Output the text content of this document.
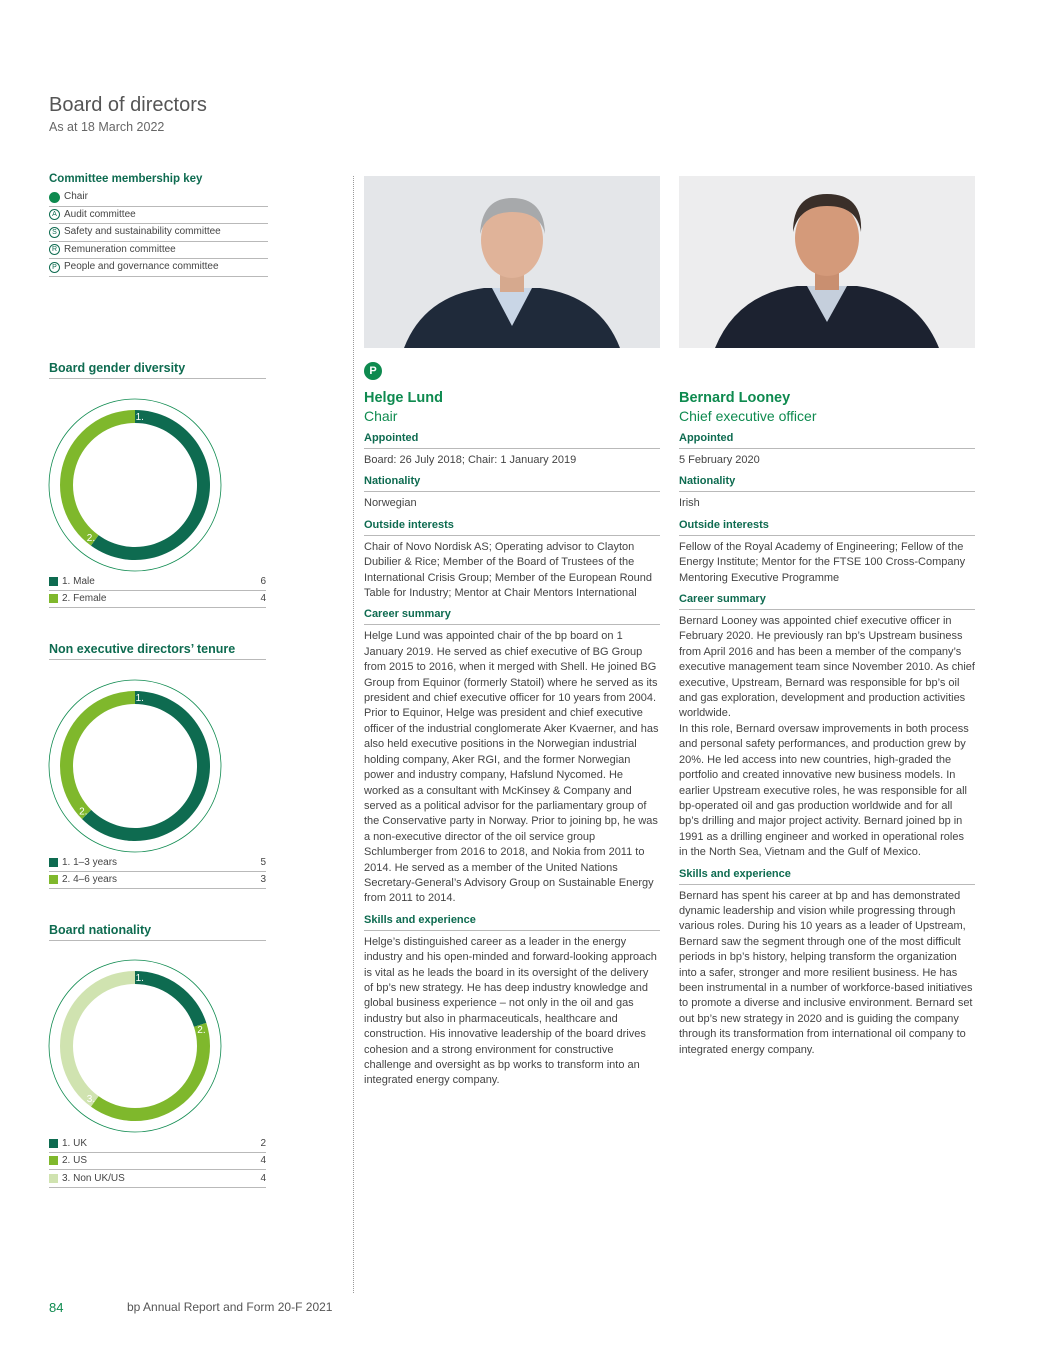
Board of directors
As at 18 March 2022
Committee membership key
Chair
A Audit committee
S Safety and sustainability committee
R Remuneration committee
P People and governance committee
Board gender diversity
1.
2.
1. Male	6
2. Female	4
Non executive directors’ tenure
1.
2.
1. 1–3 years	5
2. 4–6 years	3
Board nationality
1.
2.
3.
1. UK	2
2. US	4
3. Non UK/US	4
P
Helge Lund
Chair
Appointed
Board: 26 July 2018; Chair: 1 January 2019
Nationality
Norwegian
Outside interests
Chair of Novo Nordisk AS; Operating advisor to Clayton Dubilier & Rice; Member of the Board of Trustees of the International Crisis Group; Member of the European Round Table for Industry; Mentor at Chair Mentors International
Career summary
Helge Lund was appointed chair of the bp board on 1 January 2019. He served as chief executive of BG Group from 2015 to 2016, when it merged with Shell. He joined BG Group from Equinor (formerly Statoil) where he served as its president and chief executive officer for 10 years from 2004. Prior to Equinor, Helge was president and chief executive officer of the industrial conglomerate Aker Kvaerner, and has also held executive positions in the Norwegian industrial holding company, Aker RGI, and the former Norwegian power and industry company, Hafslund Nycomed. He worked as a consultant with McKinsey & Company and served as a political advisor for the parliamentary group of the Conservative party in Norway. Prior to joining bp, he was a non-executive director of the oil service group Schlumberger from 2016 to 2018, and Nokia from 2011 to 2014. He served as a member of the United Nations Secretary-General’s Advisory Group on Sustainable Energy from 2011 to 2014.
Skills and experience
Helge’s distinguished career as a leader in the energy industry and his open-minded and forward-looking approach is vital as he leads the board in its oversight of the delivery of bp’s new strategy. He has deep industry knowledge and global business experience – not only in the oil and gas industry but also in pharmaceuticals, healthcare and construction. His innovative leadership of the board drives cohesion and a strong environment for constructive challenge and oversight as bp works to transform into an integrated energy company.
Bernard Looney
Chief executive officer
Appointed
5 February 2020
Nationality
Irish
Outside interests
Fellow of the Royal Academy of Engineering; Fellow of the Energy Institute; Mentor for the FTSE 100 Cross-Company Mentoring Executive Programme
Career summary
Bernard Looney was appointed chief executive officer in February 2020. He previously ran bp’s Upstream business from April 2016 and has been a member of the company’s executive management team since November 2010. As chief executive, Upstream, Bernard was responsible for bp’s oil and gas exploration, development and production activities worldwide.
In this role, Bernard oversaw improvements in both process and personal safety performances, and production grew by 20%. He led access into new countries, high-graded the portfolio and created innovative new business models. In earlier Upstream executive roles, he was responsible for all bp-operated oil and gas production worldwide and for all bp’s drilling and major project activity. Bernard joined bp in 1991 as a drilling engineer and worked in operational roles in the North Sea, Vietnam and the Gulf of Mexico.
Skills and experience
Bernard has spent his career at bp and has demonstrated dynamic leadership and vision while progressing through various roles. During his 10 years as a leader of Upstream, Bernard saw the segment through one of the most difficult periods in bp’s history, helping transform the organization into a safer, stronger and more resilient business. He has been instrumental in a number of workforce-based initiatives to promote a diverse and inclusive environment. Bernard set out bp’s new strategy in 2020 and is guiding the company through its transformation from international oil company to integrated energy company.
84	bp Annual Report and Form 20-F 2021
